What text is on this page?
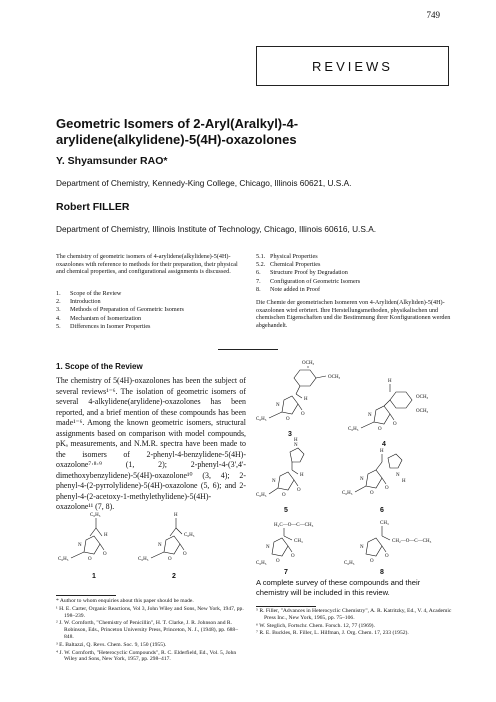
749
REVIEWS
Geometric Isomers of 2-Aryl(Aralkyl)-4-arylidene(alkylidene)-5(4H)-oxazolones
Y. Shyamsunder RAO*
Department of Chemistry, Kennedy-King College, Chicago, Illinois 60621, U.S.A.
Robert FILLER
Department of Chemistry, Illinois Institute of Technology, Chicago, Illinois 60616, U.S.A.
The chemistry of geometric isomers of 4-arylidene(alkylidene)-5(4H)-oxazolones with reference to methods for their preparation, their physical and chemical properties, and configurational assignments is discussed.
1. Scope of the Review
2. Introduction
3. Methods of Preparation of Geometric Isomers
4. Mechanism of Isomerization
5. Differences in Isomer Properties
5.1. Physical Properties
5.2. Chemical Properties
6. Structure Proof by Degradation
7. Configuration of Geometric Isomers
8. Note added in Proof
Die Chemie der geometrischen Isomeren von 4-Aryliden(Alkyliden)-5(4H)-oxazolonen wird erörtert. Ihre Herstellungsmethoden, physikalischen und chemischen Eigenschaften und die Bestimmung ihrer Konfigurationen werden abgehandelt.
1. Scope of the Review
The chemistry of 5(4H)-oxazolones has been the subject of several reviews¹⁻⁶. The isolation of geometric isomers of several 4-alkylidene(arylidene)-oxazolones has been reported, and a brief mention of these compounds has been made¹⁻⁶. Among the known geometric isomers, structural assignments based on comparison with model compounds, pKₐ measurements, and N.M.R. spectra have been made to the isomers of 2-phenyl-4-benzylidene-5(4H)-oxazolone⁷·⁸·⁹ (1, 2); 2-phenyl-4-(3',4'-dimethoxybenzylidene)-5(4H)-oxazolone¹⁰ (3, 4); 2-phenyl-4-(2-pyrrolylidene)-5(4H)-oxazolone (5, 6); and 2-phenyl-4-(2-acetoxy-1-methylethylidene)-5(4H)-oxazolone¹¹ (7, 8).
C₆H₅
H
N
O
O
C₆H₅
1
H
C₆H₅
N
O
O
C₆H₅
2
OCH₃
OCH₃
H
N
O
O
C₆H₅
3
H
OCH₃
OCH₃
N
O
O
C₆H₅
4
N
H
H
N
O
O
C₆H₅
5
H
N
H
N
O
O
C₆H₅
6
H₂C—O—C—CH₃
CH₃
N
O
O
C₆H₅
7
CH₃
CH₂—O—C—CH₃
N
O
O
C₆H₅
8
A complete survey of these compounds and their chemistry will be included in this review.

* Author to whom enquiries about this paper should be made.

¹ H. E. Carter, Organic Reactions, Vol 3, John Wiley and Sons, New York, 1947, pp. 198–239.

² J. W. Cornforth, "Chemistry of Penicillin", H. T. Clarke, J. R. Johnson and R. Robinson, Eds., Princeton University Press, Princeton, N. J., (1948), pp. 688–848.

³ E. Baltazzi, Q. Revs. Chem. Soc. 9, 150 (1955).

⁴ J. W. Cornforth, "Heterocyclic Compounds", R. C. Elderfield, Ed., Vol. 5, John Wiley and Sons, New York, 1957, pp. 298–417.

⁵ R. Filler, "Advances in Heterocyclic Chemistry", A. R. Katritzky, Ed., V. 4, Academic Press Inc., New York, 1965, pp. 75–106.

⁶ W. Steglich, Fortschr. Chem. Forsch. 12, 77 (1969).

⁷ R. E. Buckles, R. Filler, L. Hilfman, J. Org. Chem. 17, 233 (1952).
